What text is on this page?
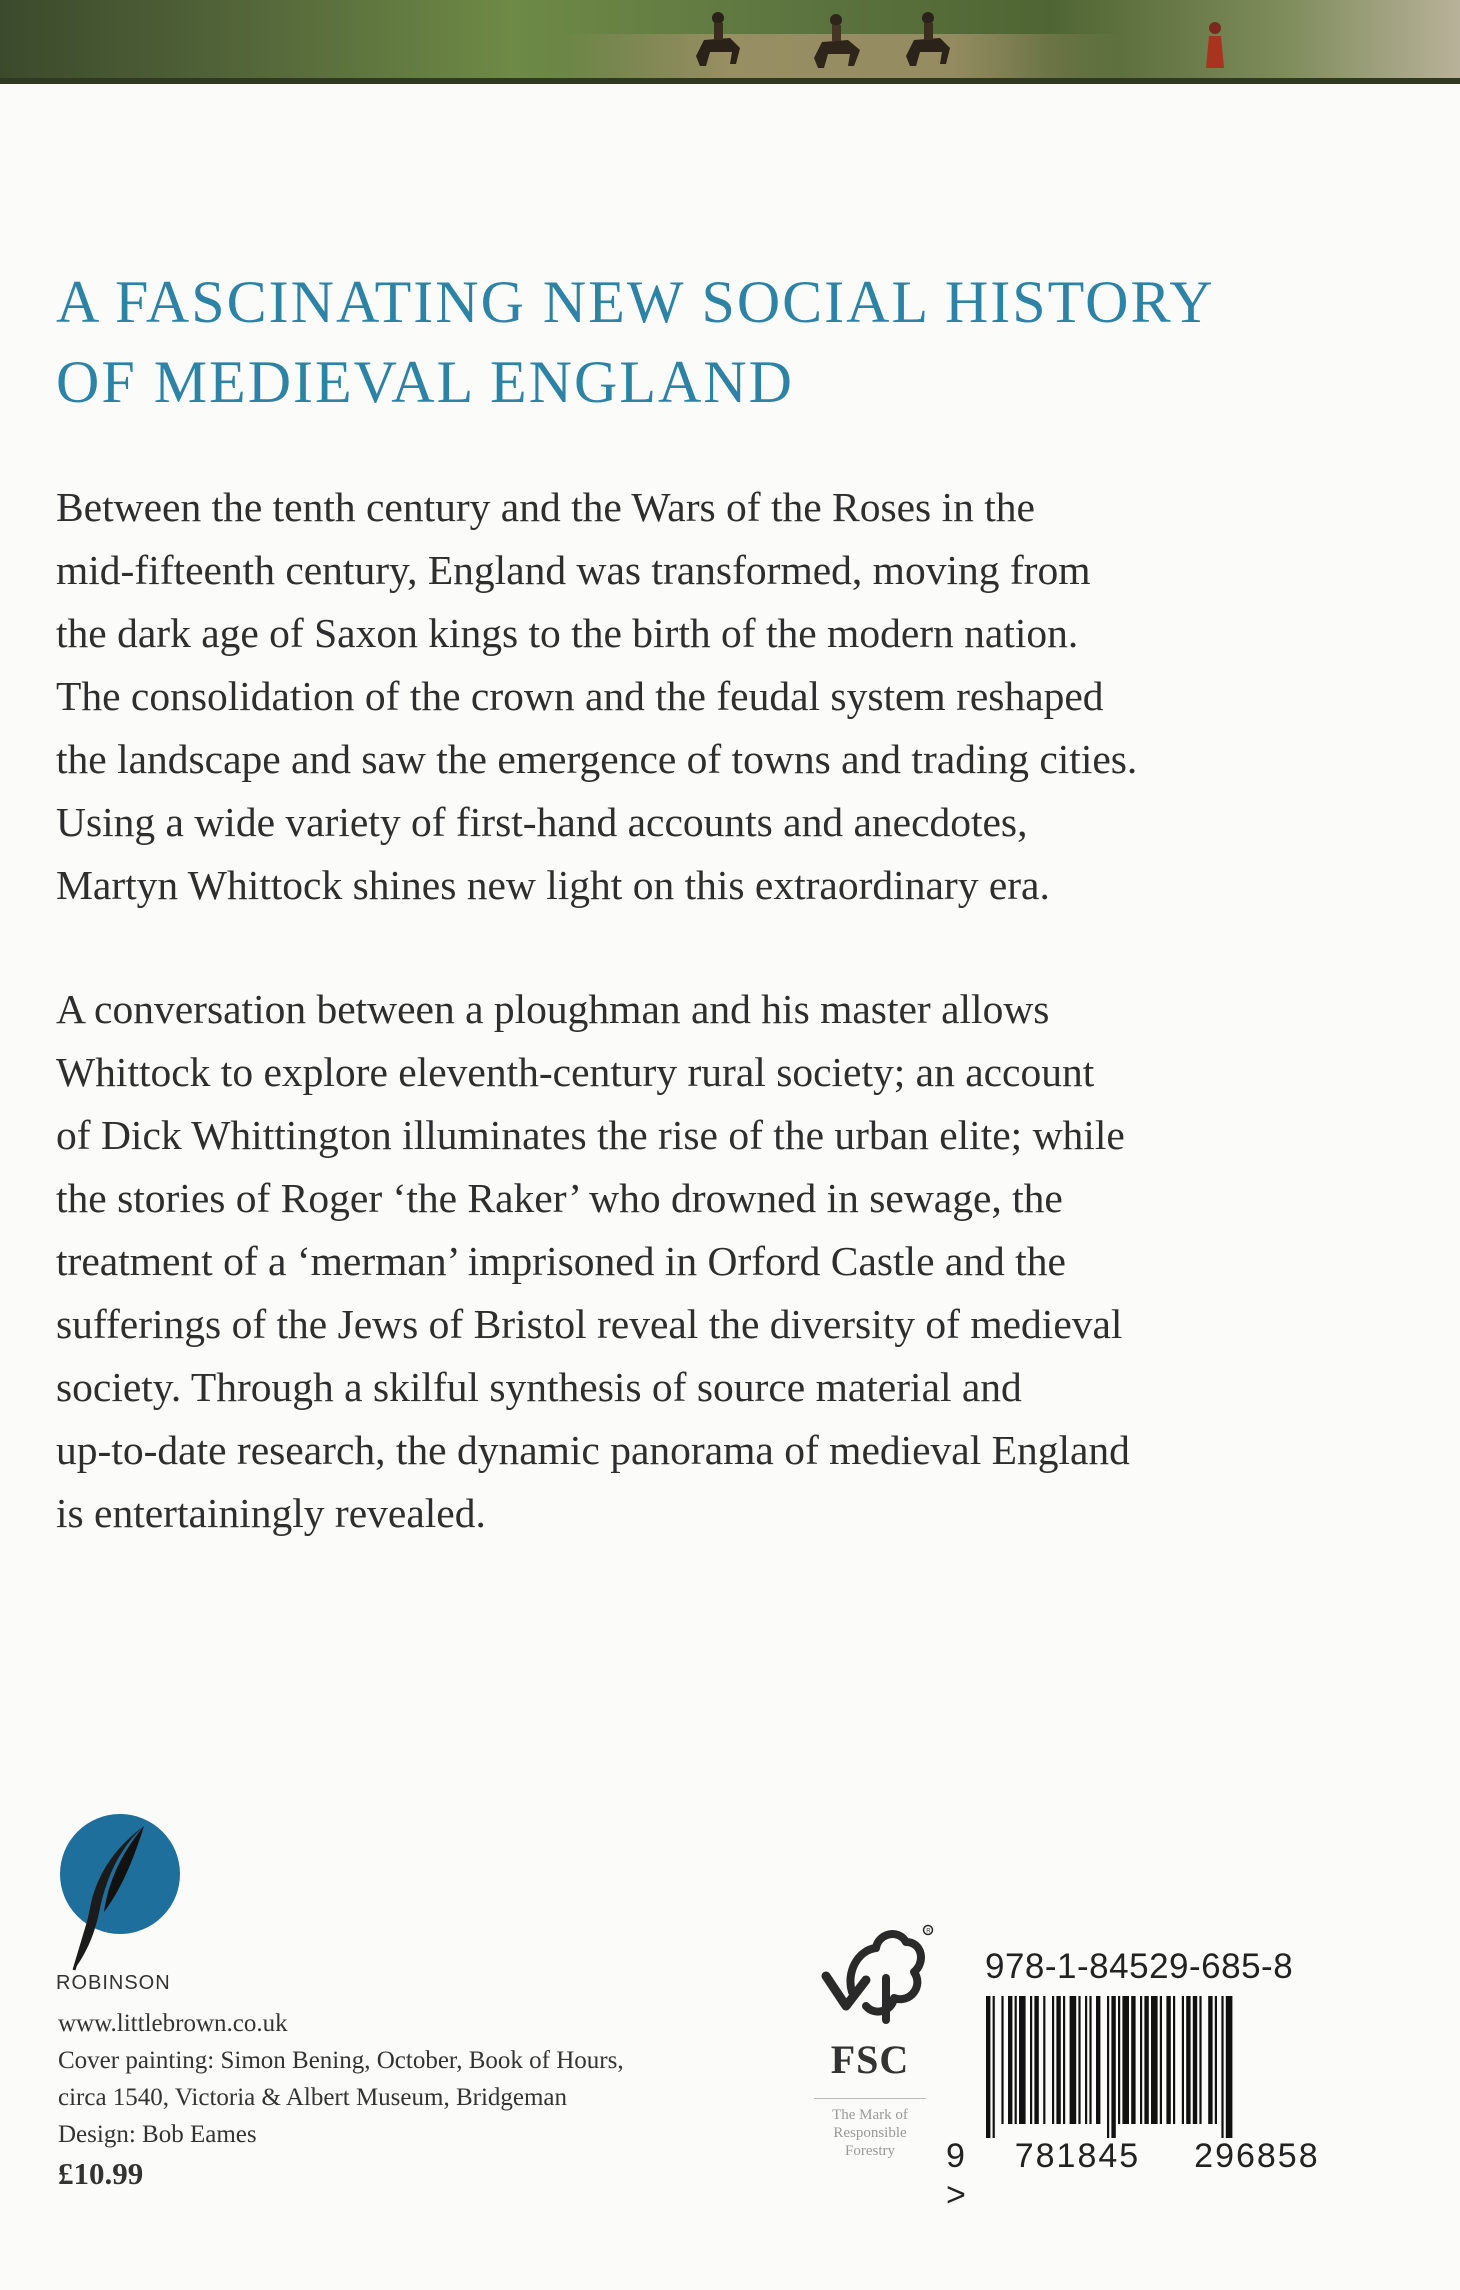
A FASCINATING NEW SOCIAL HISTORY
OF MEDIEVAL ENGLAND

Between the tenth century and the Wars of the Roses in the
mid-fifteenth century, England was transformed, moving from
the dark age of Saxon kings to the birth of the modern nation.
The consolidation of the crown and the feudal system reshaped
the landscape and saw the emergence of towns and trading cities.
Using a wide variety of first-hand accounts and anecdotes,
Martyn Whittock shines new light on this extraordinary era.

A conversation between a ploughman and his master allows
Whittock to explore eleventh-century rural society; an account
of Dick Whittington illuminates the rise of the urban elite; while
the stories of Roger ‘the Raker’ who drowned in sewage, the
treatment of a ‘merman’ imprisoned in Orford Castle and the
sufferings of the Jews of Bristol reveal the diversity of medieval
society. Through a skilful synthesis of source material and
up-to-date research, the dynamic panorama of medieval England
is entertainingly revealed.

ROBINSON
www.littlebrown.co.uk
Cover painting: Simon Bening, October, Book of Hours,
circa 1540, Victoria & Albert Museum, Bridgeman
Design: Bob Eames
£10.99
R
FSC
The Mark of
Responsible
Forestry
978-1-84529-685-8
9 781845 296858 >
